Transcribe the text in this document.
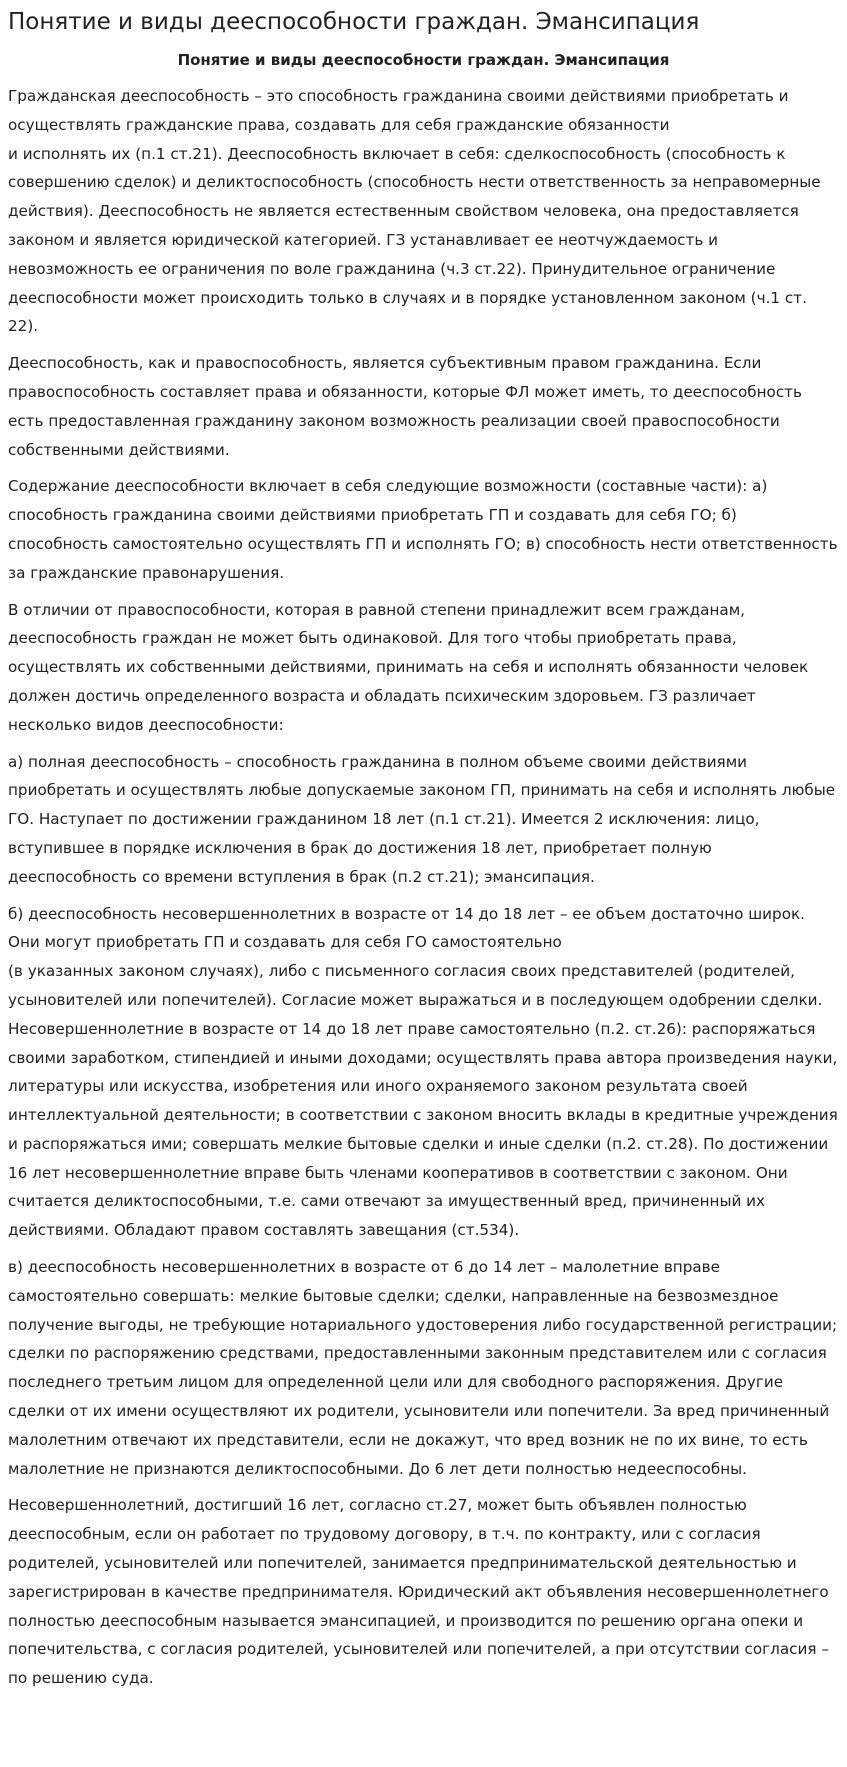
Понятие и виды дееспособности граждан. Эмансипация
Понятие и виды дееспособности граждан. Эмансипация

Гражданская дееспособность – это способность гражданина своими действиями приобретать и осуществлять гражданские права, создавать для себя гражданские обязанности
и исполнять их (п.1 ст.21). Дееспособность включает в себя: сделкоспособность (способность к совершению сделок) и деликтоспособность (способность нести ответственность за неправомерные действия). Дееспособность не является естественным свойством человека, она предоставляется законом и является юридической категорией. ГЗ устанавливает ее неотчуждаемость и невозможность ее ограничения по воле гражданина (ч.3 ст.22). Принудительное ограничение дееспособности может происходить только в случаях и в порядке установленном законом (ч.1 ст. 22).

Дееспособность, как и правоспособность, является субъективным правом гражданина. Если правоспособность составляет права и обязанности, которые ФЛ может иметь, то дееспособность есть предоставленная гражданину законом возможность реализации своей правоспособности собственными действиями.

Содержание дееспособности включает в себя следующие возможности (составные части): а) способность гражданина своими действиями приобретать ГП и создавать для себя ГО; б) способность самостоятельно осуществлять ГП и исполнять ГО; в) способность нести ответственность за гражданские правонарушения.

В отличии от правоспособности, которая в равной степени принадлежит всем гражданам, дееспособность граждан не может быть одинаковой. Для того чтобы приобретать права, осуществлять их собственными действиями, принимать на себя и исполнять обязанности человек должен достичь определенного возраста и обладать психическим здоровьем. ГЗ различает несколько видов дееспособности:

а) полная дееспособность – способность гражданина в полном объеме своими действиями приобретать и осуществлять любые допускаемые законом ГП, принимать на себя и исполнять любые ГО. Наступает по достижении гражданином 18 лет (п.1 ст.21). Имеется 2 исключения: лицо, вступившее в порядке исключения в брак до достижения 18 лет, приобретает полную дееспособность со времени вступления в брак (п.2 ст.21); эмансипация.

б) дееспособность несовершеннолетних в возрасте от 14 до 18 лет – ее объем достаточно широк. Они могут приобретать ГП и создавать для себя ГО самостоятельно
(в указанных законом случаях), либо с письменного согласия своих представителей (родителей, усыновителей или попечителей). Согласие может выражаться и в последующем одобрении сделки. Несовершеннолетние в возрасте от 14 до 18 лет праве самостоятельно (п.2. ст.26): распоряжаться своими заработком, стипендией и иными доходами; осуществлять права автора произведения науки, литературы или искусства, изобретения или иного охраняемого законом результата своей интеллектуальной деятельности; в соответствии с законом вносить вклады в кредитные учреждения и распоряжаться ими; совершать мелкие бытовые сделки и иные сделки (п.2. ст.28). По достижении 16 лет несовершеннолетние вправе быть членами кооперативов в соответствии с законом. Они считается деликтоспособными, т.е. сами отвечают за имущественный вред, причиненный их действиями. Обладают правом составлять завещания (ст.534).

в) дееспособность несовершеннолетних в возрасте от 6 до 14 лет – малолетние вправе самостоятельно совершать: мелкие бытовые сделки; сделки, направленные на безвозмездное получение выгоды, не требующие нотариального удостоверения либо государственной регистрации; сделки по распоряжению средствами, предоставленными законным представителем или с согласия последнего третьим лицом для определенной цели или для свободного распоряжения. Другие сделки от их имени осуществляют их родители, усыновители или попечители. За вред причиненный малолетним отвечают их представители, если не докажут, что вред возник не по их вине, то есть малолетние не признаются деликтоспособными. До 6 лет дети полностью недееспособны.

Несовершеннолетний, достигший 16 лет, согласно ст.27, может быть объявлен полностью дееспособным, если он работает по трудовому договору, в т.ч. по контракту, или с согласия родителей, усыновителей или попечителей, занимается предпринимательской деятельностью и зарегистрирован в качестве предпринимателя. Юридический акт объявления несовершеннолетнего полностью дееспособным называется эмансипацией, и производится по решению органа опеки и попечительства, с согласия родителей, усыновителей или попечителей, а при отсутствии согласия – по решению суда.
